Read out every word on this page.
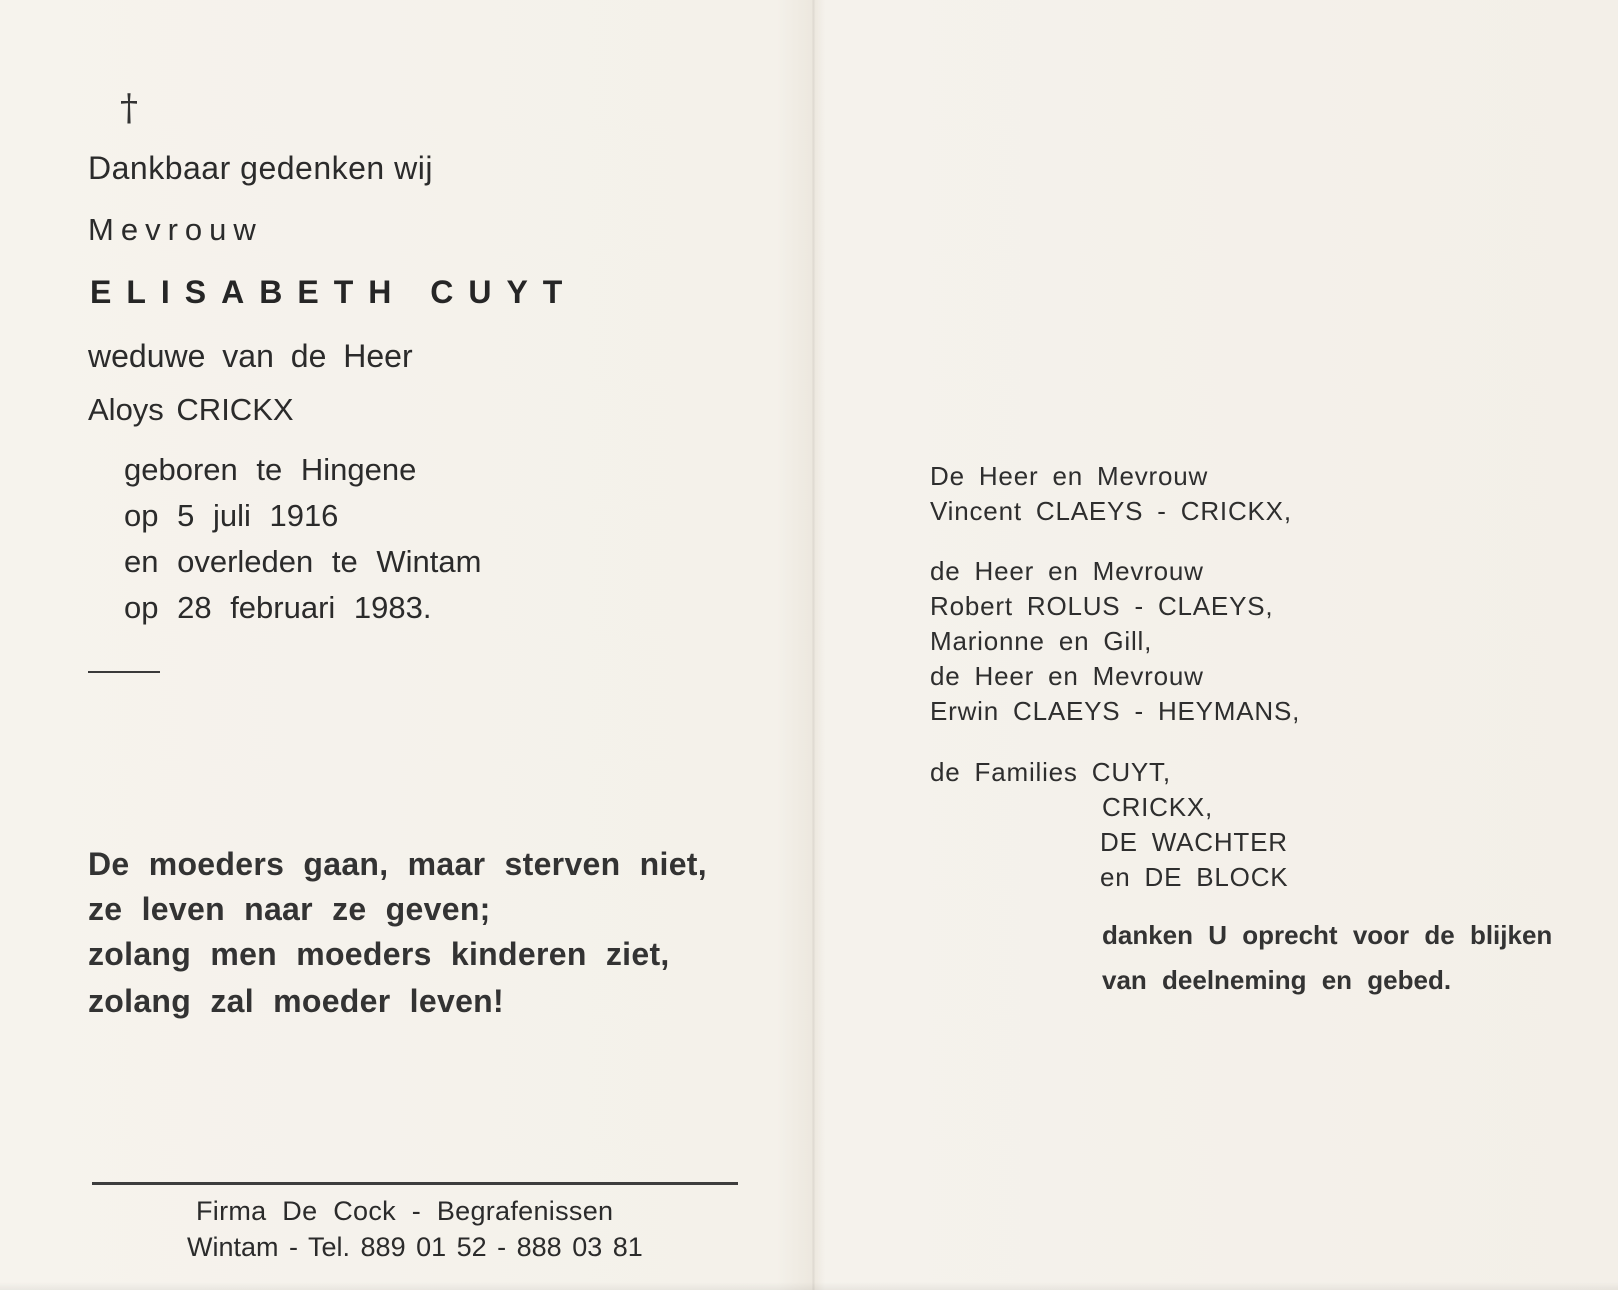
†

Dankbaar gedenken wij

Mevrouw

ELISABETH CUYT

weduwe van de Heer

Aloys CRICKX

geboren te Hingene

op 5 juli 1916

en overleden te Wintam

op 28 februari 1983.

De moeders gaan, maar sterven niet,

ze leven naar ze geven;

zolang men moeders kinderen ziet,

zolang zal moeder leven!

Firma De Cock - Begrafenissen

Wintam - Tel. 889 01 52 - 888 03 81

De Heer en Mevrouw

Vincent CLAEYS - CRICKX,

de Heer en Mevrouw

Robert ROLUS - CLAEYS,

Marionne en Gill,

de Heer en Mevrouw

Erwin CLAEYS - HEYMANS,

de Families CUYT,

CRICKX,

DE WACHTER

en DE BLOCK

danken U oprecht voor de blijken

van deelneming en gebed.
